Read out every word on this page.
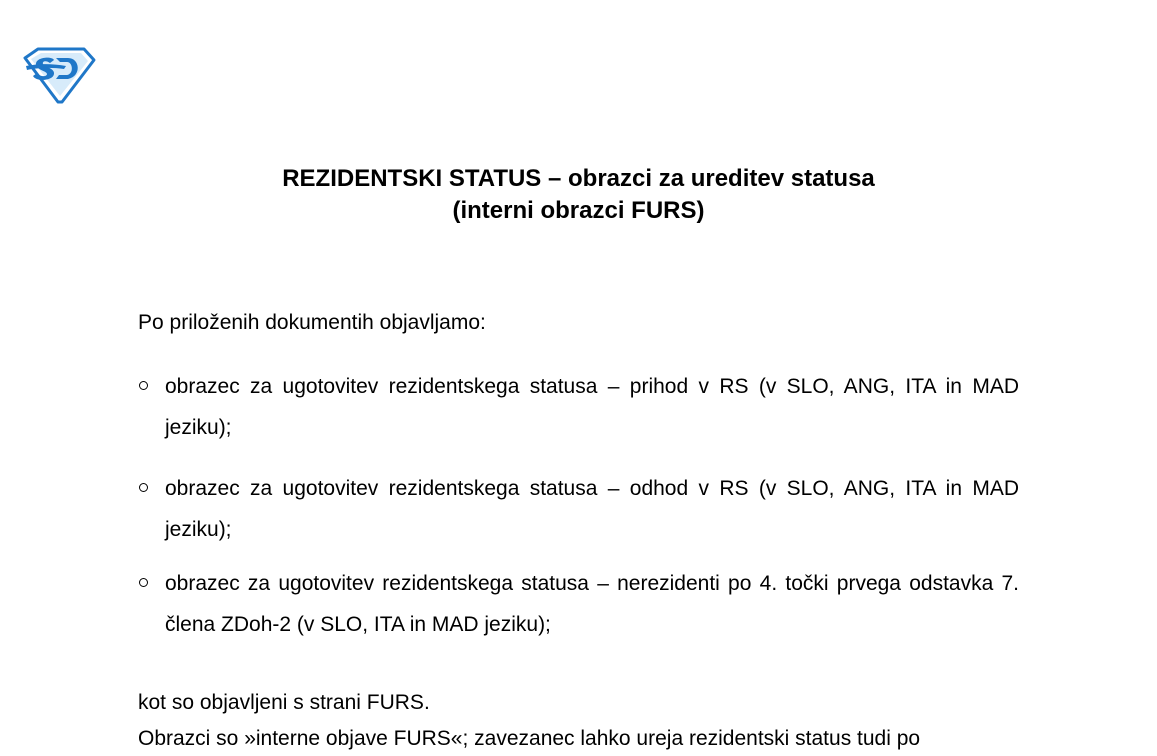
REZIDENTSKI STATUS – obrazci za ureditev statusa
(interni obrazci FURS)
Po priloženih dokumentih objavljamo:
obrazec za ugotovitev rezidentskega statusa – prihod v RS (v SLO, ANG, ITA in MAD jeziku);
obrazec za ugotovitev rezidentskega statusa – odhod v RS (v SLO, ANG, ITA in MAD jeziku);
obrazec za ugotovitev rezidentskega statusa – nerezidenti po 4. točki prvega odstavka 7. člena ZDoh-2 (v SLO, ITA in MAD jeziku);
kot so objavljeni s strani FURS.
Obrazci so »interne objave FURS«; zavezanec lahko ureja rezidentski status tudi po
